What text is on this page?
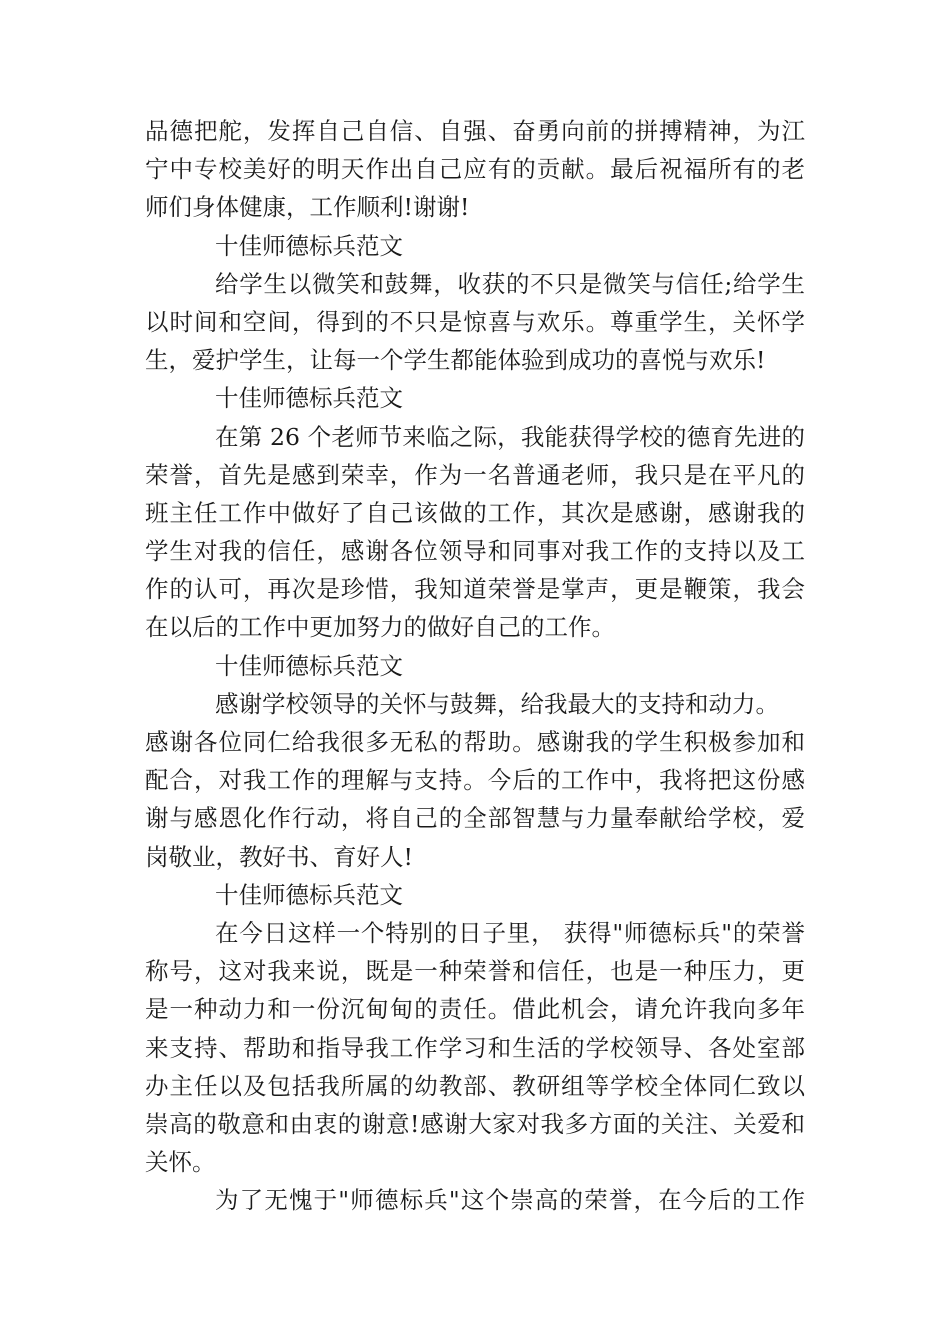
品德把舵，发挥自己自信、自强、奋勇向前的拼搏精神，为江
宁中专校美好的明天作出自己应有的贡献。最后祝福所有的老
师们身体健康，工作顺利!谢谢!
十佳师德标兵范文
给学生以微笑和鼓舞，收获的不只是微笑与信任;给学生
以时间和空间，得到的不只是惊喜与欢乐。尊重学生，关怀学
生，爱护学生，让每一个学生都能体验到成功的喜悦与欢乐!
十佳师德标兵范文
在第 26 个老师节来临之际，我能获得学校的德育先进的
荣誉，首先是感到荣幸，作为一名普通老师，我只是在平凡的
班主任工作中做好了自己该做的工作，其次是感谢，感谢我的
学生对我的信任，感谢各位领导和同事对我工作的支持以及工
作的认可，再次是珍惜，我知道荣誉是掌声，更是鞭策，我会
在以后的工作中更加努力的做好自己的工作。
十佳师德标兵范文
感谢学校领导的关怀与鼓舞，给我最大的支持和动力。
感谢各位同仁给我很多无私的帮助。感谢我的学生积极参加和
配合，对我工作的理解与支持。今后的工作中，我将把这份感
谢与感恩化作行动，将自己的全部智慧与力量奉献给学校，爱
岗敬业，教好书、育好人!
十佳师德标兵范文
在今日这样一个特别的日子里， 获得"师德标兵"的荣誉
称号，这对我来说，既是一种荣誉和信任，也是一种压力，更
是一种动力和一份沉甸甸的责任。借此机会，请允许我向多年
来支持、帮助和指导我工作学习和生活的学校领导、各处室部
办主任以及包括我所属的幼教部、教研组等学校全体同仁致以
崇高的敬意和由衷的谢意!感谢大家对我多方面的关注、关爱和
关怀。
为了无愧于"师德标兵"这个崇高的荣誉，在今后的工作
